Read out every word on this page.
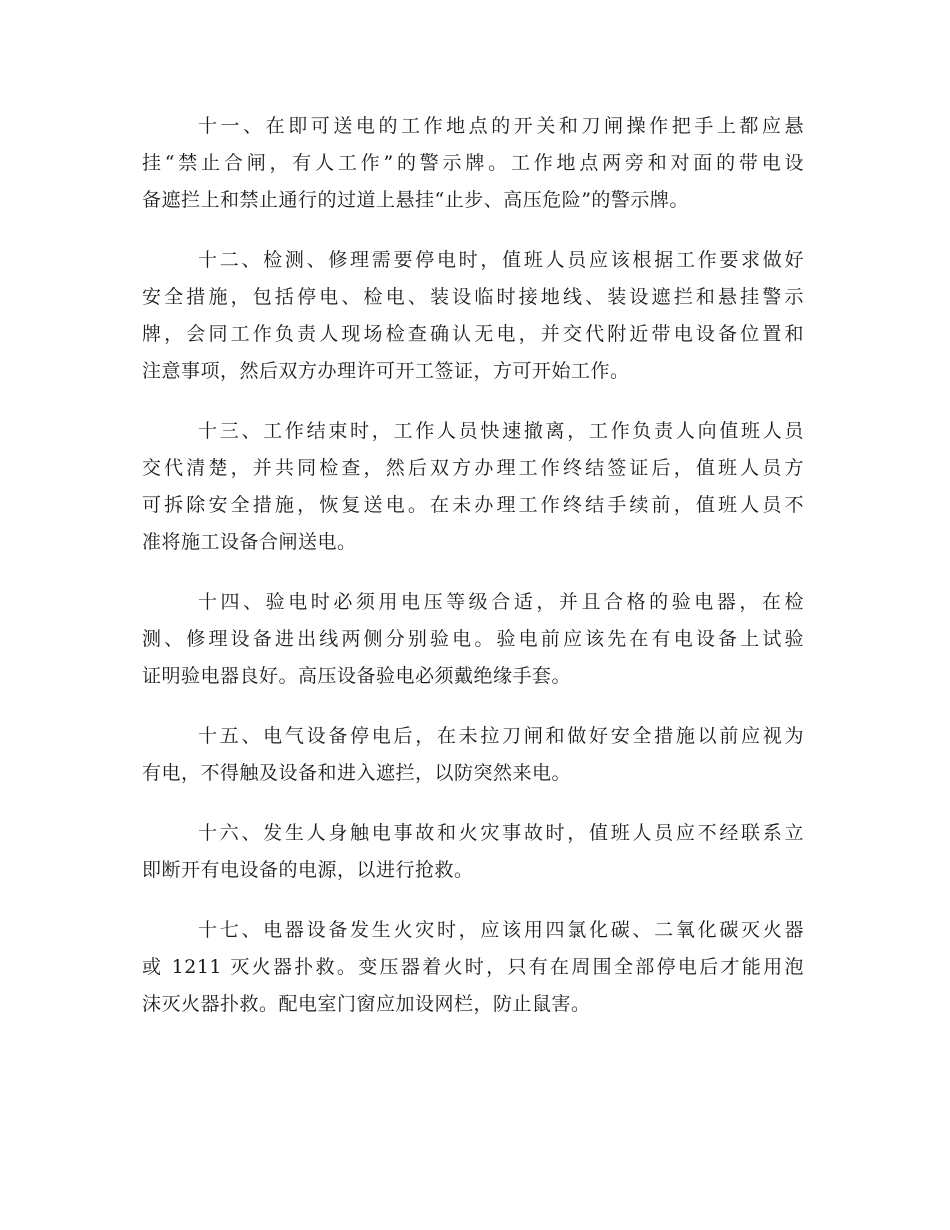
十一、在即可送电的工作地点的开关和刀闸操作把手上都应悬
挂“禁止合闸，有人工作”的警示牌。工作地点两旁和对面的带电设
备遮拦上和禁止通行的过道上悬挂“止步、高压危险”的警示牌。
十二、检测、修理需要停电时，值班人员应该根据工作要求做好
安全措施，包括停电、检电、装设临时接地线、装设遮拦和悬挂警示
牌，会同工作负责人现场检查确认无电，并交代附近带电设备位置和
注意事项，然后双方办理许可开工签证，方可开始工作。
十三、工作结束时，工作人员快速撤离，工作负责人向值班人员
交代清楚，并共同检查，然后双方办理工作终结签证后，值班人员方
可拆除安全措施，恢复送电。在未办理工作终结手续前，值班人员不
准将施工设备合闸送电。
十四、验电时必须用电压等级合适，并且合格的验电器，在检
测、修理设备进出线两侧分别验电。验电前应该先在有电设备上试验
证明验电器良好。高压设备验电必须戴绝缘手套。
十五、电气设备停电后，在未拉刀闸和做好安全措施以前应视为
有电，不得触及设备和进入遮拦，以防突然来电。
十六、发生人身触电事故和火灾事故时，值班人员应不经联系立
即断开有电设备的电源，以进行抢救。
十七、电器设备发生火灾时，应该用四氯化碳、二氧化碳灭火器
或 1211 灭火器扑救。变压器着火时，只有在周围全部停电后才能用泡
沫灭火器扑救。配电室门窗应加设网栏，防止鼠害。
